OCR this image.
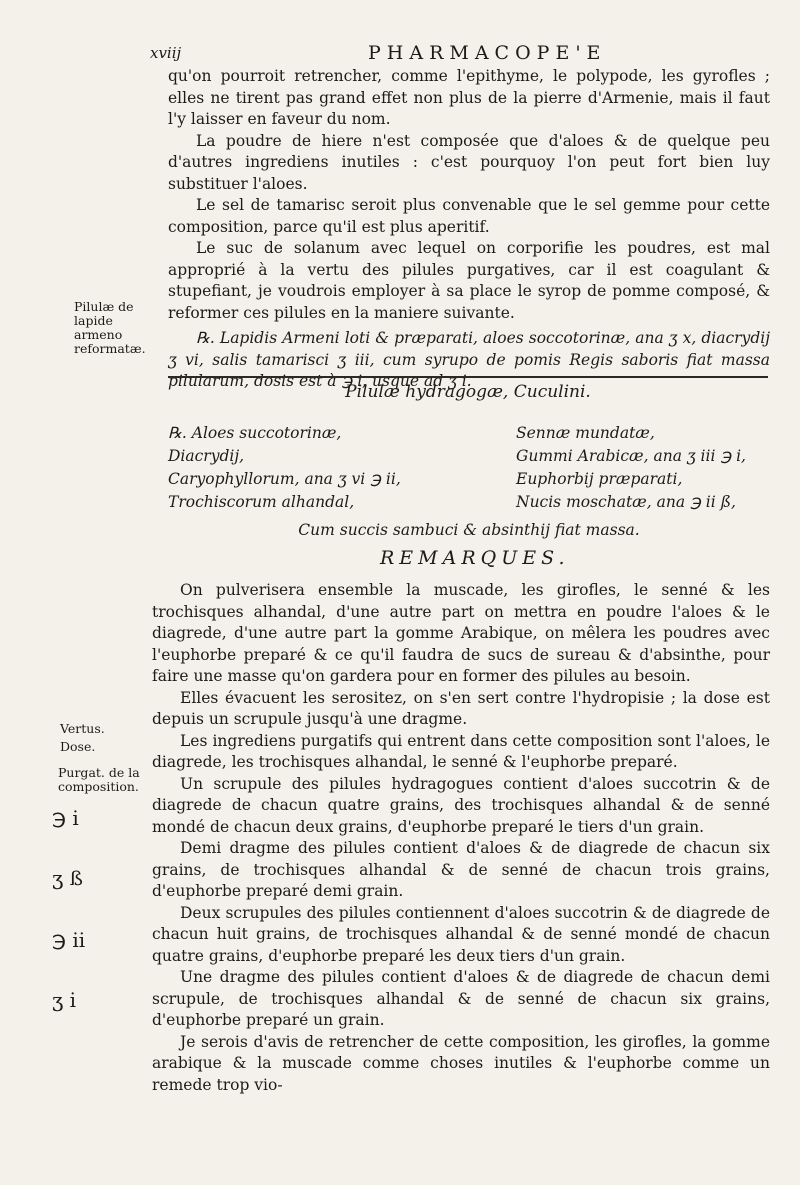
xviij	PHARMACOPE'E

qu'on pourroit retrencher, comme l'epithyme, le polypode, les gyrofles ; elles ne tirent pas grand effet non plus de la pierre d'Armenie, mais il faut l'y laisser en faveur du nom.

La poudre de hiere n'est composée que d'aloes & de quelque peu d'autres ingrediens inutiles : c'est pourquoy l'on peut fort bien luy substituer l'aloes.

Le sel de tamarisc seroit plus convenable que le sel gemme pour cette composition, parce qu'il est plus aperitif.

Le suc de solanum avec lequel on corporifie les poudres, est mal approprié à la vertu des pilules purgatives, car il est coagulant & stupefiant, je voudrois employer à sa place le syrop de pomme composé, & reformer ces pilules en la maniere suivante.

℞. Lapidis Armeni loti & præparati, aloes soccotorinæ, ana ʒ x, diacrydij ʒ vi, salis tamarisci ʒ iii, cum syrupo de pomis Regis saboris fiat massa pilularum, dosis est à ℈ i, usque ad ʒ i.

Pilulæ de lapide armeno reformatæ.
Pilulæ hydragogæ, Cuculini.
℞. Aloes succotorinæ,
Diacrydij,
Caryophyllorum, ana ʒ vi ℈ ii,
Trochiscorum alhandal,
Sennæ mundatæ,
Gummi Arabicæ, ana ʒ iii ℈ i,
Euphorbij præparati,
Nucis moschatæ, ana ℈ ii ß,
Cum succis sambuci & absinthij fiat massa.
REMARQUES.

On pulverisera ensemble la muscade, les girofles, le senné & les trochisques alhandal, d'une autre part on mettra en poudre l'aloes & le diagrede, d'une autre part la gomme Arabique, on mêlera les poudres avec l'euphorbe preparé & ce qu'il faudra de sucs de sureau & d'absinthe, pour faire une masse qu'on gardera pour en former des pilules au besoin.

Elles évacuent les serositez, on s'en sert contre l'hydropisie ; la dose est depuis un scrupule jusqu'à une dragme.

Les ingrediens purgatifs qui entrent dans cette composition sont l'aloes, le diagrede, les trochisques alhandal, le senné & l'euphorbe preparé.

Un scrupule des pilules hydragogues contient d'aloes succotrin & de diagrede de chacun quatre grains, des trochisques alhandal & de senné mondé de chacun deux grains, d'euphorbe preparé le tiers d'un grain.

Demi dragme des pilules contient d'aloes & de diagrede de chacun six grains, de trochisques alhandal & de senné de chacun trois grains, d'euphorbe preparé demi grain.

Deux scrupules des pilules contiennent d'aloes succotrin & de diagrede de chacun huit grains, de trochisques alhandal & de senné mondé de chacun quatre grains, d'euphorbe preparé les deux tiers d'un grain.

Une dragme des pilules contient d'aloes & de diagrede de chacun demi scrupule, de trochisques alhandal & de senné de chacun six grains, d'euphorbe preparé un grain.

Je serois d'avis de retrencher de cette composition, les girofles, la gomme arabique & la muscade comme choses inutiles & l'euphorbe comme un remede trop vio-

Vertus.
Dose.
Purgat. de la composition.
℈ i
ʒ ß
℈ ii
ʒ i
